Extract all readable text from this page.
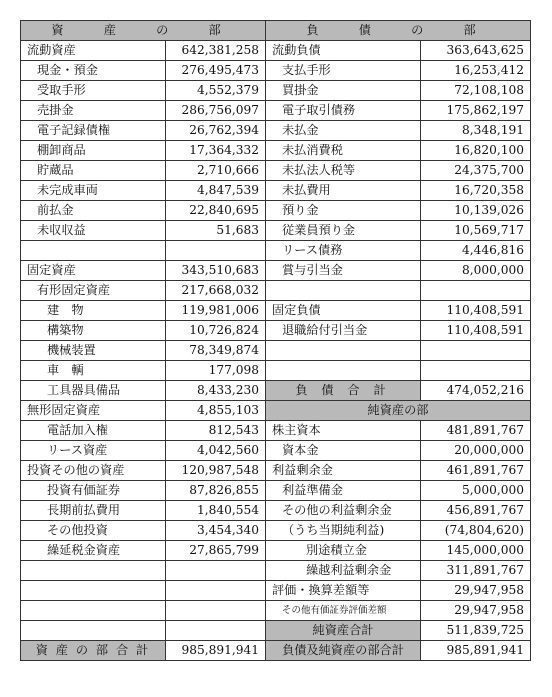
資　産　の　部		負　債　の　部	
流動資産	642,381,258	流動負債	363,643,625
現金・預金	276,495,473	支払手形	16,253,412
受取手形	4,552,379	買掛金	72,108,108
売掛金	286,756,097	電子取引債務	175,862,197
電子記録債権	26,762,394	未払金	8,348,191
棚卸商品	17,364,332	未払消費税	16,820,100
貯蔵品	2,710,666	未払法人税等	24,375,700
未完成車両	4,847,539	未払費用	16,720,358
前払金	22,840,695	預り金	10,139,026
未収収益	51,683	従業員預り金	10,569,717
		リース債務	4,446,816
固定資産	343,510,683	賞与引当金	8,000,000
有形固定資産	217,668,032		
建　物	119,981,006	固定負債	110,408,591
構築物	10,726,824	退職給付引当金	110,408,591
機械装置	78,349,874		
車　輌	177,098		
工具器具備品	8,433,230	負 債 合 計	474,052,216
無形固定資産	4,855,103	純資産の部	
電話加入権	812,543	株主資本	481,891,767
リース資産	4,042,560	資本金	20,000,000
投資その他の資産	120,987,548	利益剰余金	461,891,767
投資有価証券	87,826,855	利益準備金	5,000,000
長期前払費用	1,840,554	その他の利益剰余金	456,891,767
その他投資	3,454,340	（うち当期純利益)	(74,804,620)
繰延税金資産	27,865,799	別途積立金	145,000,000
		繰越利益剰余金	311,891,767
		評価・換算差額等	29,947,958
		その他有価証券評価差額	29,947,958
		純資産合計	511,839,725
資 産 の 部 合 計	985,891,941	負債及純資産の部合計	985,891,941
